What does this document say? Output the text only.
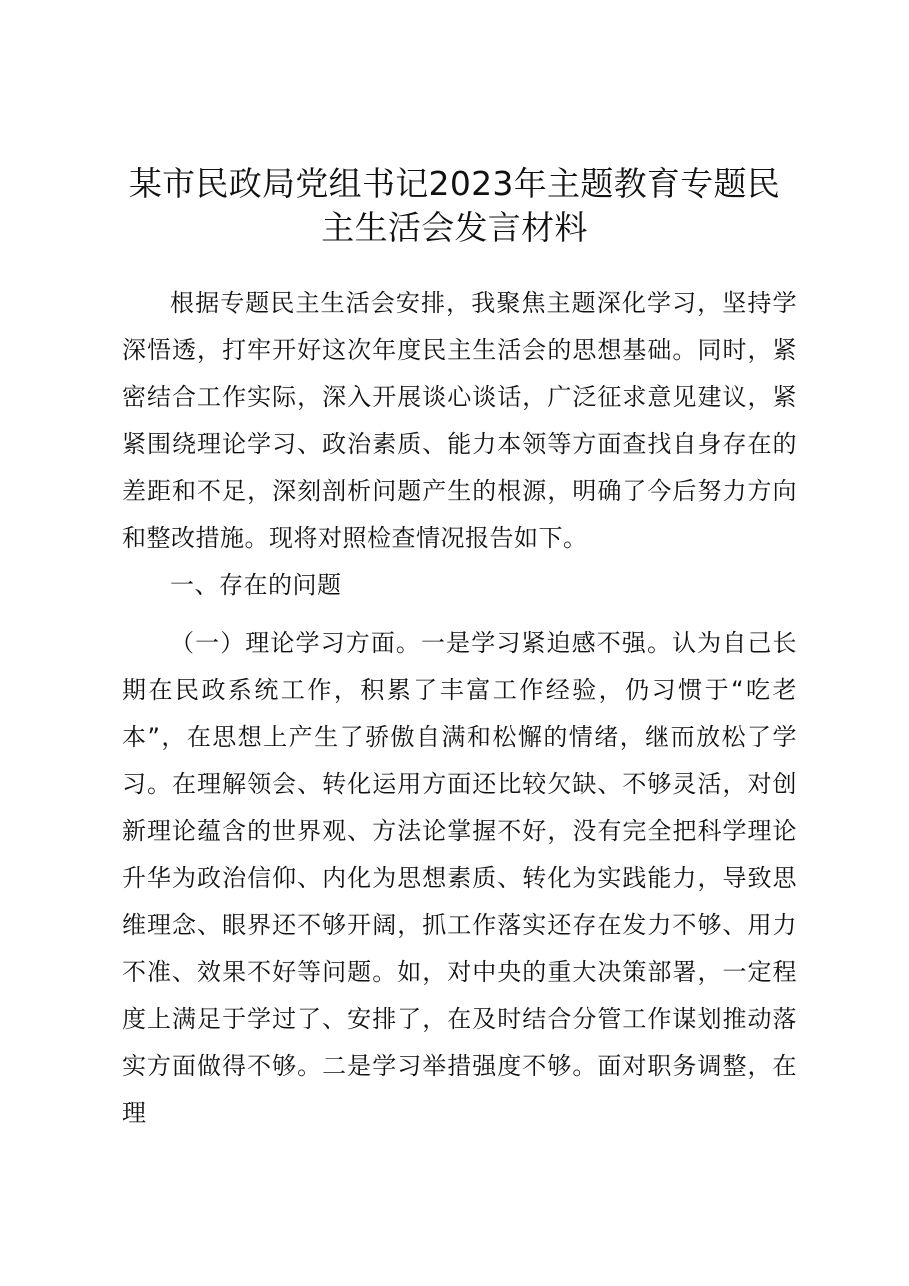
某市民政局党组书记2023年主题教育专题民
主生活会发言材料

根据专题民主生活会安排，我聚焦主题深化学习，坚持学深悟透，打牢开好这次年度民主生活会的思想基础。同时，紧密结合工作实际，深入开展谈心谈话，广泛征求意见建议，紧紧围绕理论学习、政治素质、能力本领等方面查找自身存在的差距和不足，深刻剖析问题产生的根源，明确了今后努力方向和整改措施。现将对照检查情况报告如下。

一、存在的问题

（一）理论学习方面。一是学习紧迫感不强。认为自己长期在民政系统工作，积累了丰富工作经验，仍习惯于“吃老本”，在思想上产生了骄傲自满和松懈的情绪，继而放松了学习。在理解领会、转化运用方面还比较欠缺、不够灵活，对创新理论蕴含的世界观、方法论掌握不好，没有完全把科学理论升华为政治信仰、内化为思想素质、转化为实践能力，导致思维理念、眼界还不够开阔，抓工作落实还存在发力不够、用力不准、效果不好等问题。如，对中央的重大决策部署，一定程度上满足于学过了、安排了，在及时结合分管工作谋划推动落实方面做得不够。二是学习举措强度不够。面对职务调整，在理
